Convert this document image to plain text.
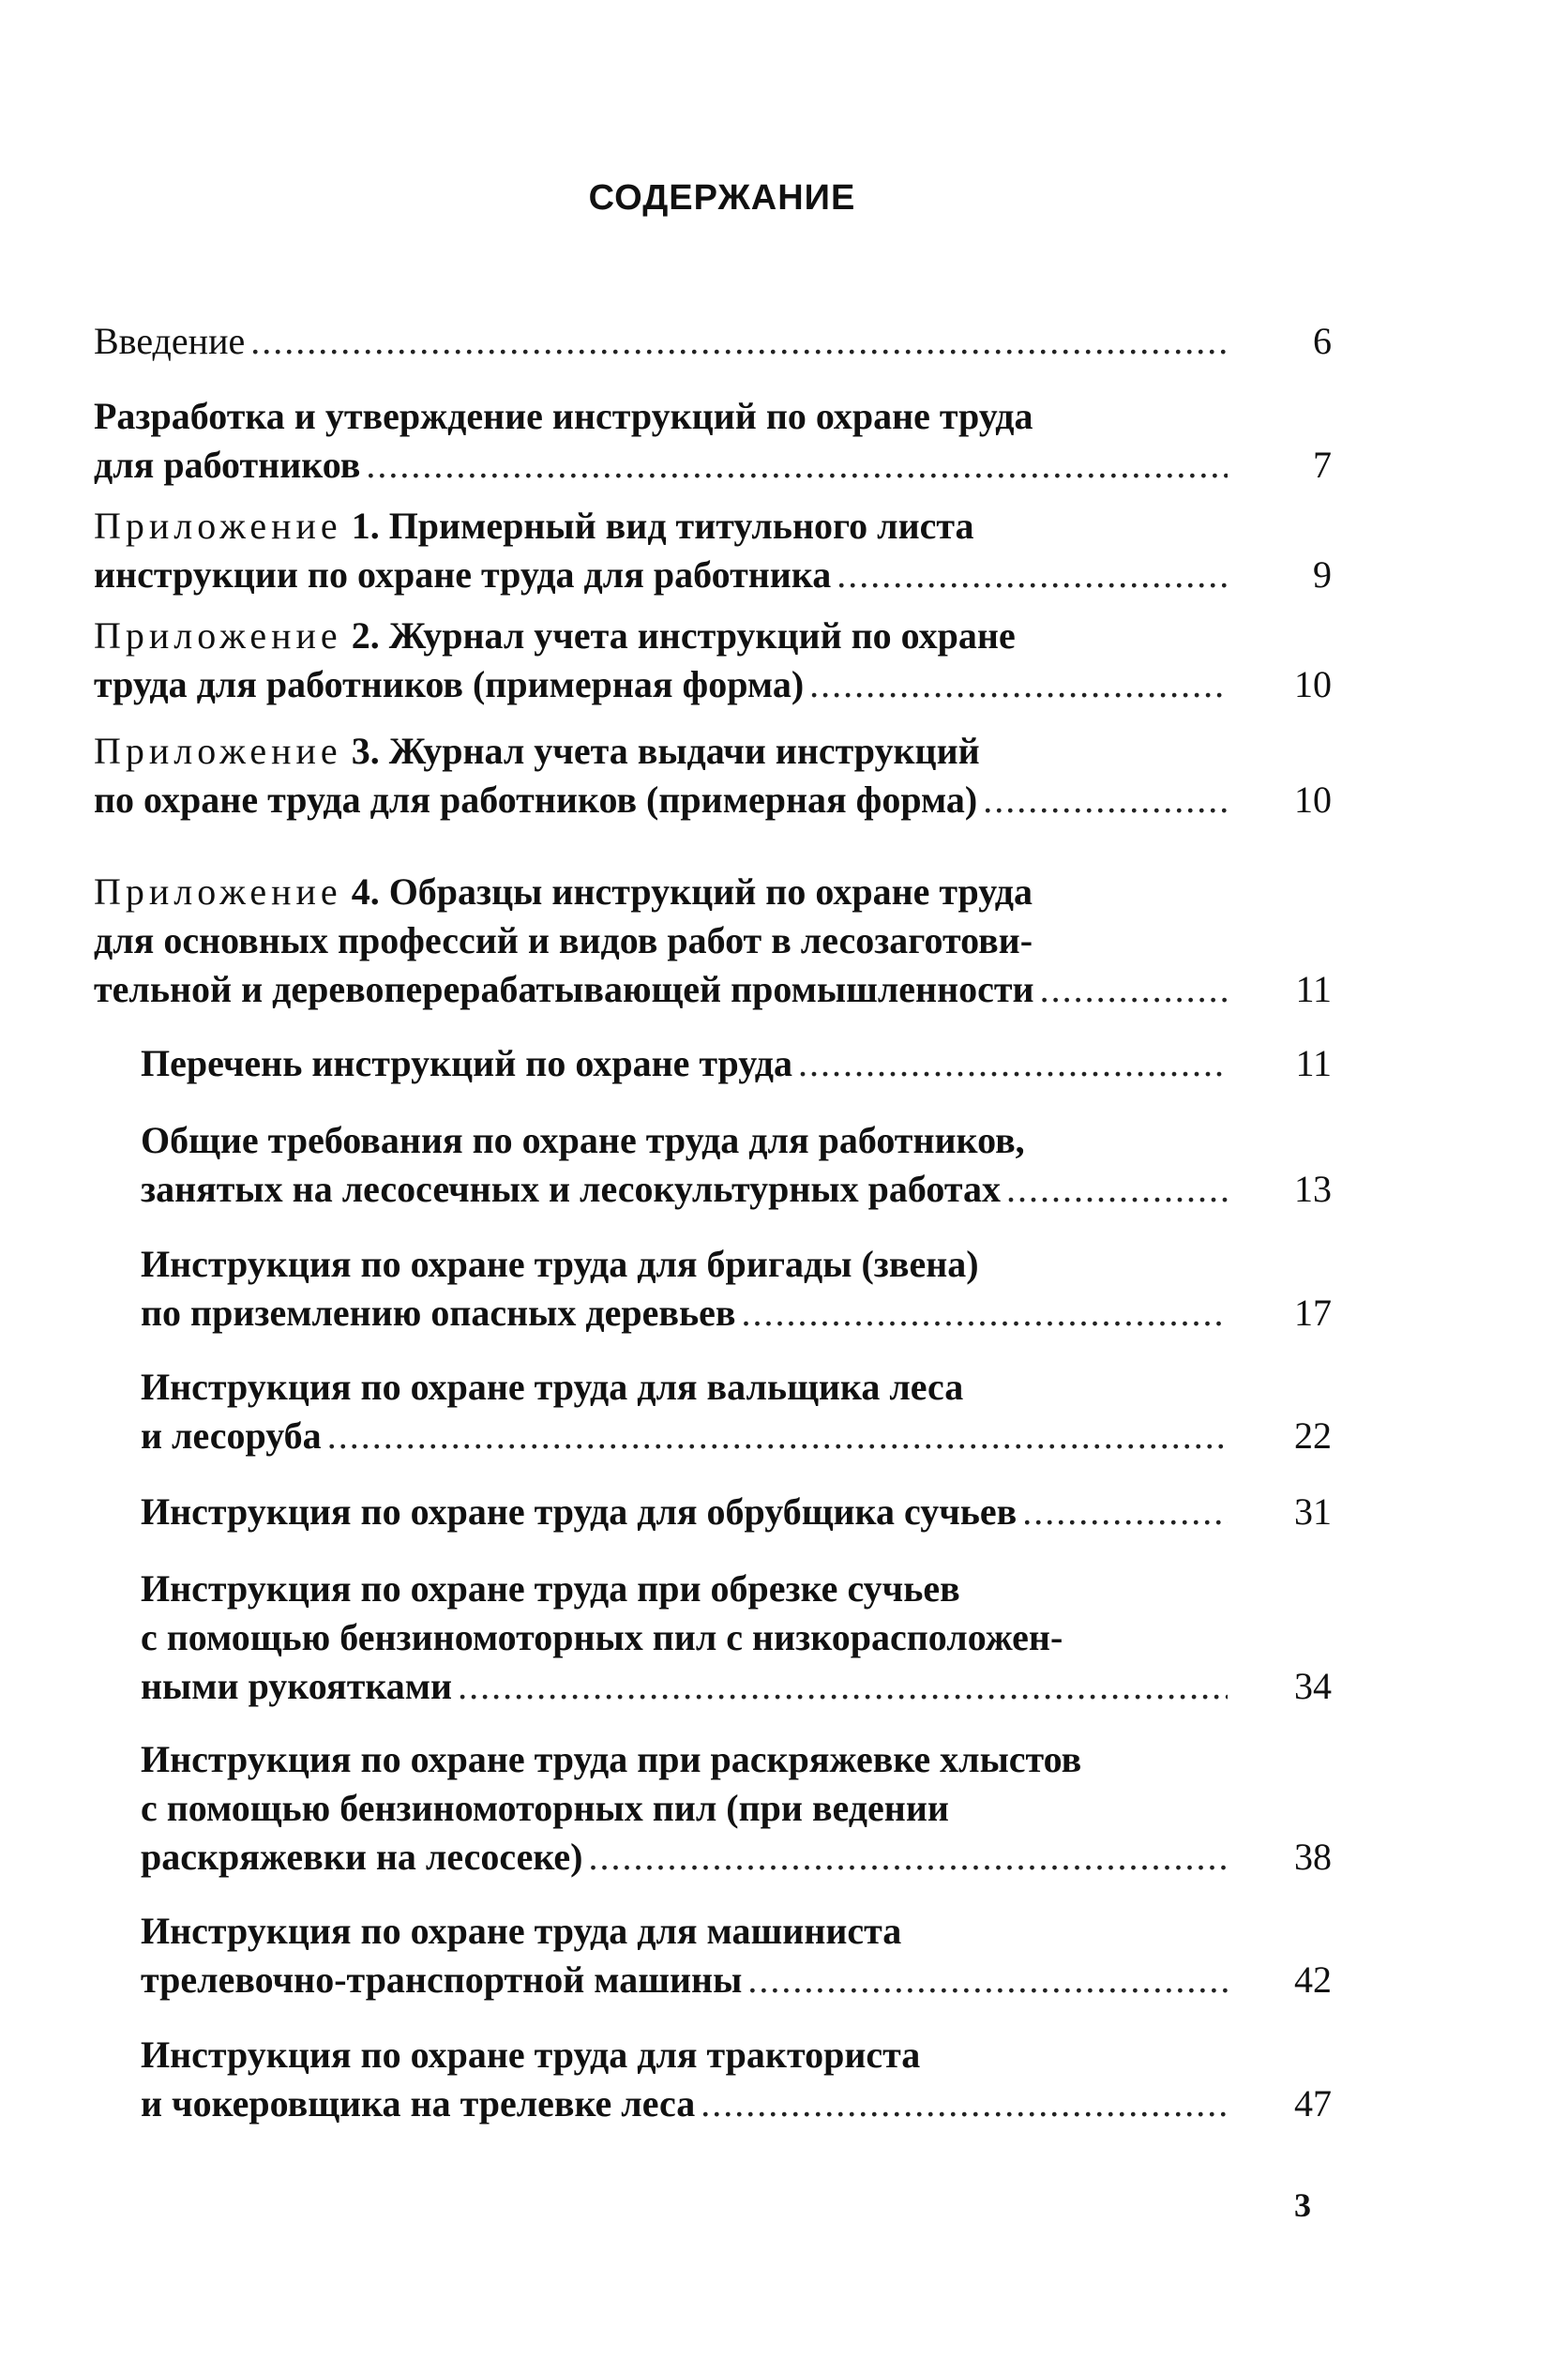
СОДЕРЖАНИЕ
Введение .....	6
Разработка и утверждение инструкций по охране труда
для работников .....	7
Приложение 1. Примерный вид титульного листа
инструкции по охране труда для работника .....	9
Приложение 2. Журнал учета инструкций по охране
труда для работников (примерная форма) .....	10
Приложение 3. Журнал учета выдачи инструкций
по охране труда для работников (примерная форма) .....	10
Приложение 4. Образцы инструкций по охране труда
для основных профессий и видов работ в лесозаготови-
тельной и деревоперерабатывающей промышленности .....	11
Перечень инструкций по охране труда .....	11
Общие требования по охране труда для работников,
занятых на лесосечных и лесокультурных работах .....	13
Инструкция по охране труда для бригады (звена)
по приземлению опасных деревьев .....	17
Инструкция по охране труда для вальщика леса
и лесоруба .....	22
Инструкция по охране труда для обрубщика сучьев .....	31
Инструкция по охране труда при обрезке сучьев
с помощью бензиномоторных пил с низкорасположен-
ными рукоятками .....	34
Инструкция по охране труда при раскряжевке хлыстов
с помощью бензиномоторных пил (при ведении
раскряжевки на лесосеке) .....	38
Инструкция по охране труда для машиниста
трелевочно-транспортной машины .....	42
Инструкция по охране труда для тракториста
и чокеровщика на трелевке леса .....	47
3
